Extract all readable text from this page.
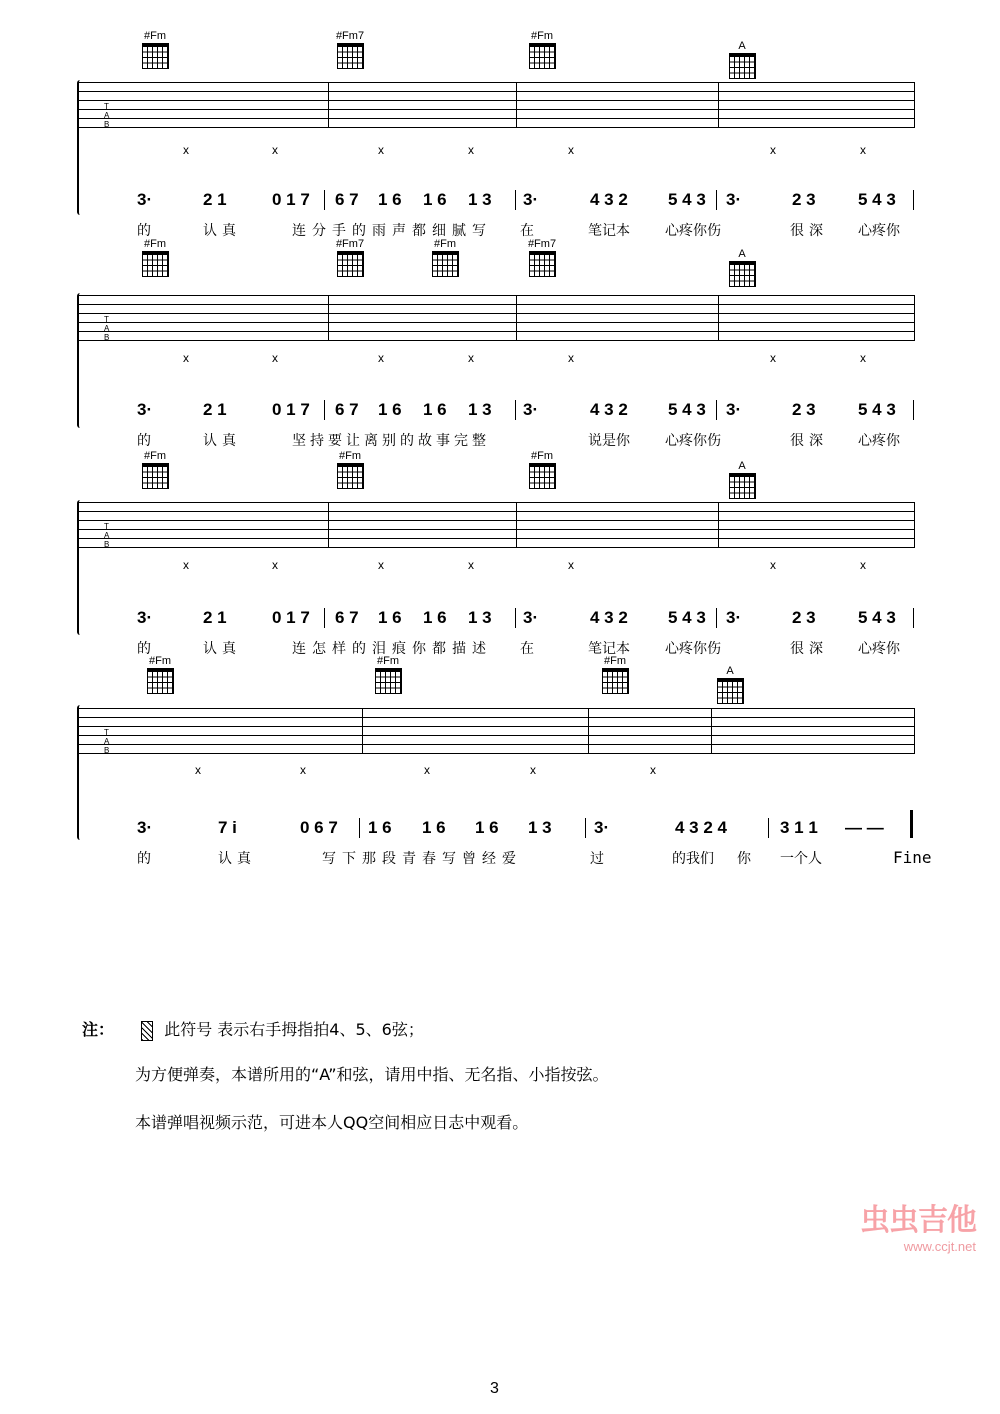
#Fm	#Fm7	#Fm
A
T
A
B
x	x	x	x	x	x	x
3·	2 1	0 1 7 6 7 1 6 1 6 1 3 3·	4 3 2 5 4 3 3·	2 3 5 4 3
的	认真	连分手的雨声都细腻写 在	笔记本	心疼你伤	很深 心疼你
#Fm	#Fm7	#Fm	#Fm7
A
T
A
B
x	x	x	x	x	x	x
3·	2 1	0 1 7 6 7 1 6 1 6 1 3 3·	4 3 2 5 4 3 3·	2 3 5 4 3
的	认真	坚持要让离别的故事完整	说是你	心疼你伤	很深 心疼你
#Fm	#Fm	#Fm
A
T
A
B
x	x	x	x	x	x	x
3·	2 1	0 1 7 6 7 1 6 1 6 1 3 3·	4 3 2 5 4 3 3·	2 3 5 4 3
的	认真	连怎样的泪痕你都描述 在	笔记本	心疼你伤	很深 心疼你
#Fm	#Fm	#Fm
A
T
A
B
x	x	x	x	x
3·	7 i	0 6 7 1 6 1 6 1 6 1 3 3·	4 3 2 4	3 1 1 — —
的	认真	写下那段青春写曾经爱	过	的我们 你 一个人	Fine
注：	此符号 表示右手拇指拍4、5、6弦；
为方便弹奏，本谱所用的“A”和弦，请用中指、无名指、小指按弦。
本谱弹唱视频示范，可进本人QQ空间相应日志中观看。
虫虫吉他
www.ccjt.net
3
